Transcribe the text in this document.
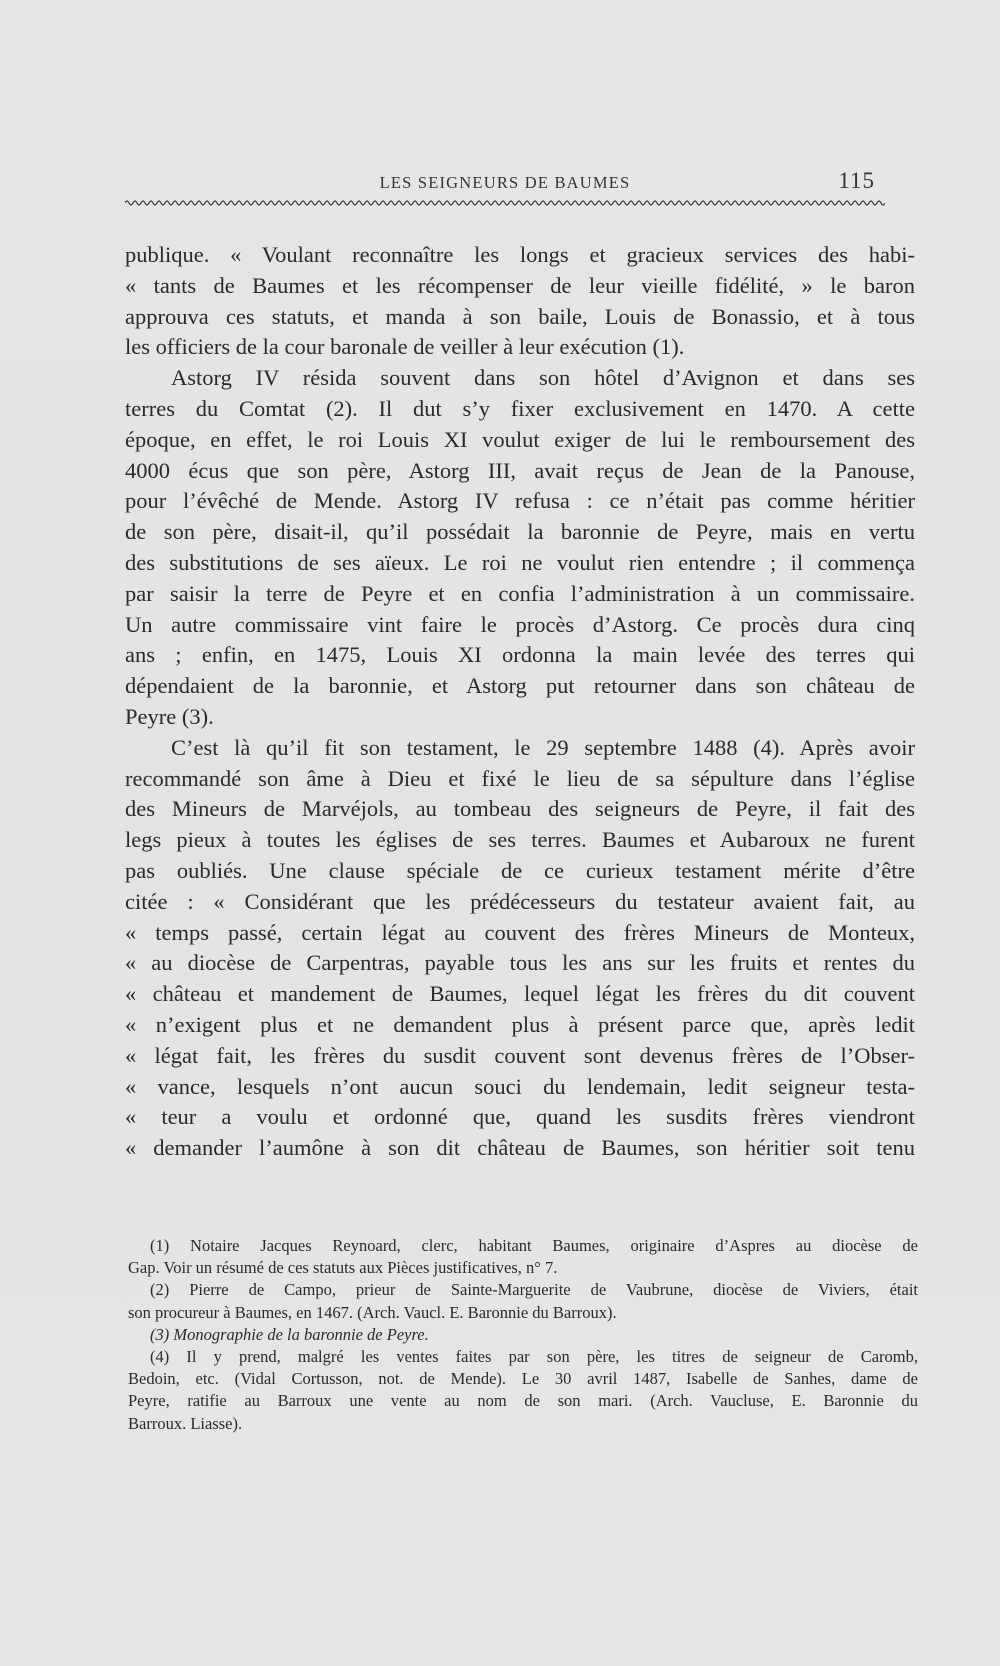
LES SEIGNEURS DE BAUMES	115
publique. « Voulant reconnaître les longs et gracieux services des habi-
« tants de Baumes et les récompenser de leur vieille fidélité, » le baron
approuva ces statuts, et manda à son baile, Louis de Bonassio, et à tous
les officiers de la cour baronale de veiller à leur exécution (1).
Astorg IV résida souvent dans son hôtel d’Avignon et dans ses
terres du Comtat (2). Il dut s’y fixer exclusivement en 1470. A cette
époque, en effet, le roi Louis XI voulut exiger de lui le remboursement des
4000 écus que son père, Astorg III, avait reçus de Jean de la Panouse,
pour l’évêché de Mende. Astorg IV refusa : ce n’était pas comme héritier
de son père, disait-il, qu’il possédait la baronnie de Peyre, mais en vertu
des substitutions de ses aïeux. Le roi ne voulut rien entendre ; il commença
par saisir la terre de Peyre et en confia l’administration à un commissaire.
Un autre commissaire vint faire le procès d’Astorg. Ce procès dura cinq
ans ; enfin, en 1475, Louis XI ordonna la main levée des terres qui
dépendaient de la baronnie, et Astorg put retourner dans son château de
Peyre (3).
C’est là qu’il fit son testament, le 29 septembre 1488 (4). Après avoir
recommandé son âme à Dieu et fixé le lieu de sa sépulture dans l’église
des Mineurs de Marvéjols, au tombeau des seigneurs de Peyre, il fait des
legs pieux à toutes les églises de ses terres. Baumes et Aubaroux ne furent
pas oubliés. Une clause spéciale de ce curieux testament mérite d’être
citée : « Considérant que les prédécesseurs du testateur avaient fait, au
« temps passé, certain légat au couvent des frères Mineurs de Monteux,
« au diocèse de Carpentras, payable tous les ans sur les fruits et rentes du
« château et mandement de Baumes, lequel légat les frères du dit couvent
« n’exigent plus et ne demandent plus à présent parce que, après ledit
« légat fait, les frères du susdit couvent sont devenus frères de l’Obser-
« vance, lesquels n’ont aucun souci du lendemain, ledit seigneur testa-
« teur a voulu et ordonné que, quand les susdits frères viendront
« demander l’aumône à son dit château de Baumes, son héritier soit tenu
(1) Notaire Jacques Reynoard, clerc, habitant Baumes, originaire d’Aspres au diocèse de
Gap. Voir un résumé de ces statuts aux Pièces justificatives, n° 7.
(2) Pierre de Campo, prieur de Sainte-Marguerite de Vaubrune, diocèse de Viviers, était
son procureur à Baumes, en 1467. (Arch. Vaucl. E. Baronnie du Barroux).
(3) Monographie de la baronnie de Peyre.
(4) Il y prend, malgré les ventes faites par son père, les titres de seigneur de Caromb,
Bedoin, etc. (Vidal Cortusson, not. de Mende). Le 30 avril 1487, Isabelle de Sanhes, dame de
Peyre, ratifie au Barroux une vente au nom de son mari. (Arch. Vaucluse, E. Baronnie du
Barroux. Liasse).
